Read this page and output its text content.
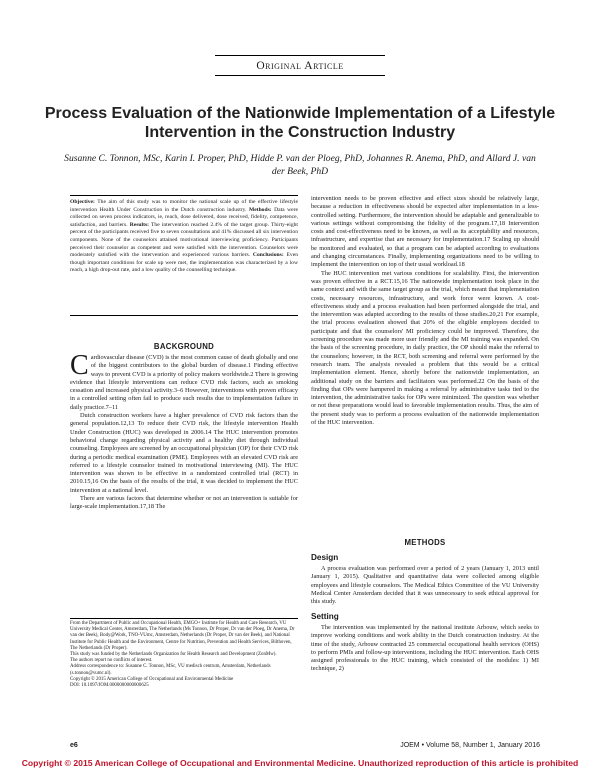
Original Article
Process Evaluation of the Nationwide Implementation of a Lifestyle Intervention in the Construction Industry
Susanne C. Tonnon, MSc, Karin I. Proper, PhD, Hidde P. van der Ploeg, PhD, Johannes R. Anema, PhD, and Allard J. van der Beek, PhD
Objective: The aim of this study was to monitor the national scale up of the effective lifestyle intervention Health Under Construction in the Dutch construction industry. Methods: Data were collected on seven process indicators, ie, reach, dose delivered, dose received, fidelity, competence, satisfaction, and barriers. Results: The intervention reached 2.4% of the target group. Thirty-eight percent of the participants received five to seven consultations and 41% discussed all six intervention components. None of the counselors attained motivational interviewing proficiency. Participants perceived their counselor as competent and were satisfied with the intervention. Counselors were moderately satisfied with the intervention and experienced various barriers. Conclusions: Even though important conditions for scale up were met, the implementation was characterized by a low reach, a high drop-out rate, and a low quality of the counselling technique.
BACKGROUND

Cardiovascular disease (CVD) is the most common cause of death globally and one of the biggest contributors to the global burden of disease.1 Finding effective ways to prevent CVD is a priority of policy makers worldwide.2 There is growing evidence that lifestyle interventions can reduce CVD risk factors, such as smoking cessation and increased physical activity.3–6 However, interventions with proven efficacy in a controlled setting often fail to produce such results due to implementation failure in daily practice.7–11

Dutch construction workers have a higher prevalence of CVD risk factors than the general population.12,13 To reduce their CVD risk, the lifestyle intervention Health Under Construction (HUC) was developed in 2006.14 The HUC intervention promotes behavioral change regarding physical activity and a healthy diet through individual counseling. Employees are screened by an occupational physician (OP) for their CVD risk during a periodic medical examination (PME). Employees with an elevated CVD risk are referred to a lifestyle counselor trained in motivational interviewing (MI). The HUC intervention was shown to be effective in a randomized controlled trial (RCT) in 2010.15,16 On the basis of the results of the trial, it was decided to implement the HUC intervention at a national level.

There are various factors that determine whether or not an intervention is suitable for large-scale implementation.17,18 The

From the Department of Public and Occupational Health, EMGO+ Institute for Health and Care Research, VU University Medical Center, Amsterdam, The Netherlands (Ms Tonnon, Dr Proper, Dr van der Ploeg, Dr Anema, Dr van der Beek), Body@Work, TNO-VUmc, Amsterdam, Netherlands (Dr Proper, Dr van der Beek), and National Institute for Public Health and the Environment, Centre for Nutrition, Prevention and Health Services, Bilthoven, The Netherlands (Dr Proper).

This study was funded by the Netherlands Organization for Health Research and Development (ZonMw).

The authors report no conflicts of interest.

Address correspondence to: Susanne C. Tonnon, MSc, VU medisch centrum, Amsterdam, Netherlands (s.tonnon@vumc.nl).

Copyright © 2015 American College of Occupational and Environmental Medicine

DOI: 10.1097/JOM.0000000000000625

intervention needs to be proven effective and effect sizes should be relatively large, because a reduction in effectiveness should be expected after implementation in a less-controlled setting. Furthermore, the intervention should be adaptable and generalizable to various settings without compromising the fidelity of the program.17,18 Intervention costs and cost-effectiveness need to be known, as well as its acceptability and resources, infrastructure, and expertise that are necessary for implementation.17 Scaling up should be monitored and evaluated, so that a program can be adapted according to evaluations and changing circumstances. Finally, implementing organizations need to be willing to implement the intervention on top of their usual workload.18

The HUC intervention met various conditions for scalability. First, the intervention was proven effective in a RCT.15,16 The nationwide implementation took place in the same context and with the same target group as the trial, which meant that implementation costs, necessary resources, infrastructure, and work force were known. A cost-effectiveness study and a process evaluation had been performed alongside the trial, and the intervention was adapted according to the results of those studies.20,21 For example, the trial process evaluation showed that 20% of the eligible employees decided to participate and that the counselors' MI proficiency could be improved. Therefore, the screening procedure was made more user friendly and the MI training was expanded. On the basis of the screening procedure, in daily practice, the OP should make the referral to the counselors; however, in the RCT, both screening and referral were performed by the research team. The analysis revealed a problem that this would be a critical implementation element. Hence, shortly before the nationwide implementation, an additional study on the barriers and facilitators was performed.22 On the basis of the finding that OPs were hampered in making a referral by administrative tasks tied to the intervention, the administrative tasks for OPs were minimized. The question was whether or not these preparations would lead to favorable implementation results. Thus, the aim of the present study was to perform a process evaluation of the nationwide implementation of the HUC intervention.

METHODS
Design

A process evaluation was performed over a period of 2 years (January 1, 2013 until January 1, 2015). Qualitative and quantitative data were collected among eligible employees and lifestyle counselors. The Medical Ethics Committee of the VU University Medical Center Amsterdam decided that it was unnecessary to seek ethical approval for this study.

Setting

The intervention was implemented by the national institute Arbouw, which seeks to improve working conditions and work ability in the Dutch construction industry. At the time of the study, Arbouw contracted 25 commercial occupational health services (OHS) to perform PMIs and follow-up interventions, including the HUC intervention. Each OHS assigned professionals to the HUC training, which consisted of the modules: 1) MI technique, 2)

e6	JOEM • Volume 58, Number 1, January 2016
Copyright © 2015 American College of Occupational and Environmental Medicine. Unauthorized reproduction of this article is prohibited
